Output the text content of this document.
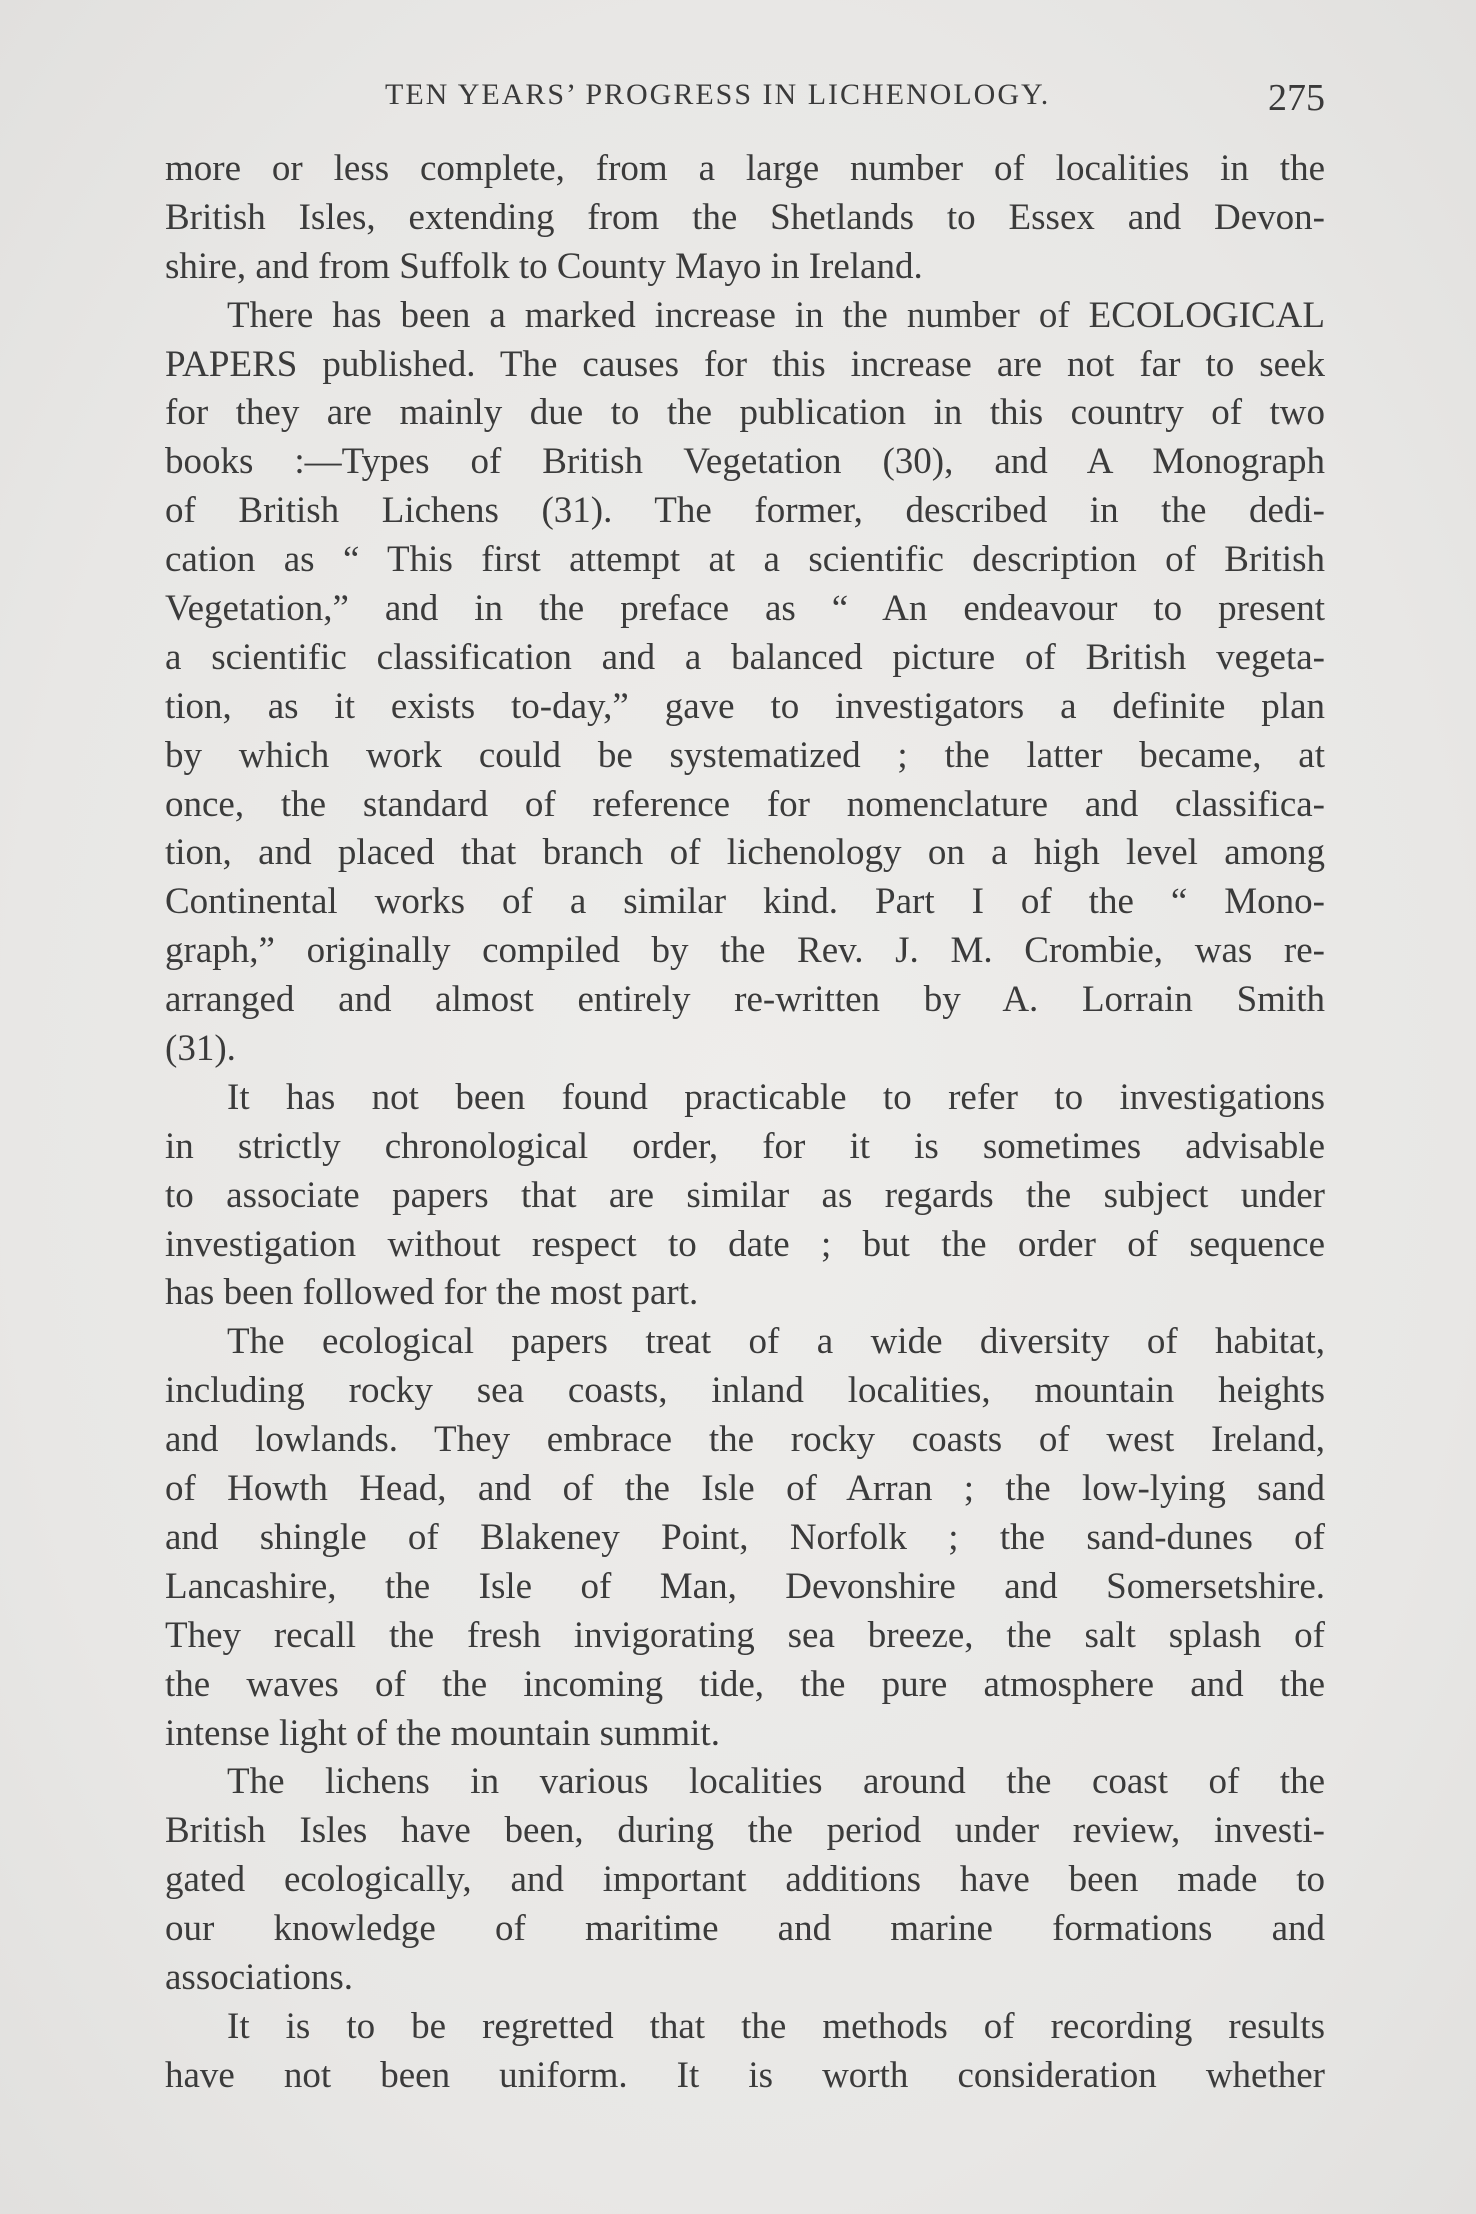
TEN YEARS’ PROGRESS IN LICHENOLOGY.	275
more or less complete, from a large number of localities in the
British Isles, extending from the Shetlands to Essex and Devon-
shire, and from Suffolk to County Mayo in Ireland.
There has been a marked increase in the number of ECOLOGICAL
PAPERS published. The causes for this increase are not far to seek
for they are mainly due to the publication in this country of two
books :—Types of British Vegetation (30), and A Monograph
of British Lichens (31). The former, described in the dedi-
cation as “ This first attempt at a scientific description of British
Vegetation,” and in the preface as “ An endeavour to present
a scientific classification and a balanced picture of British vegeta-
tion, as it exists to-day,” gave to investigators a definite plan
by which work could be systematized ; the latter became, at
once, the standard of reference for nomenclature and classifica-
tion, and placed that branch of lichenology on a high level among
Continental works of a similar kind. Part I of the “ Mono-
graph,” originally compiled by the Rev. J. M. Crombie, was re-
arranged and almost entirely re-written by A. Lorrain Smith
(31).
It has not been found practicable to refer to investigations
in strictly chronological order, for it is sometimes advisable
to associate papers that are similar as regards the subject under
investigation without respect to date ; but the order of sequence
has been followed for the most part.
The ecological papers treat of a wide diversity of habitat,
including rocky sea coasts, inland localities, mountain heights
and lowlands. They embrace the rocky coasts of west Ireland,
of Howth Head, and of the Isle of Arran ; the low-lying sand
and shingle of Blakeney Point, Norfolk ; the sand-dunes of
Lancashire, the Isle of Man, Devonshire and Somersetshire.
They recall the fresh invigorating sea breeze, the salt splash of
the waves of the incoming tide, the pure atmosphere and the
intense light of the mountain summit.
The lichens in various localities around the coast of the
British Isles have been, during the period under review, investi-
gated ecologically, and important additions have been made to
our knowledge of maritime and marine formations and
associations.
It is to be regretted that the methods of recording results
have not been uniform. It is worth consideration whether
